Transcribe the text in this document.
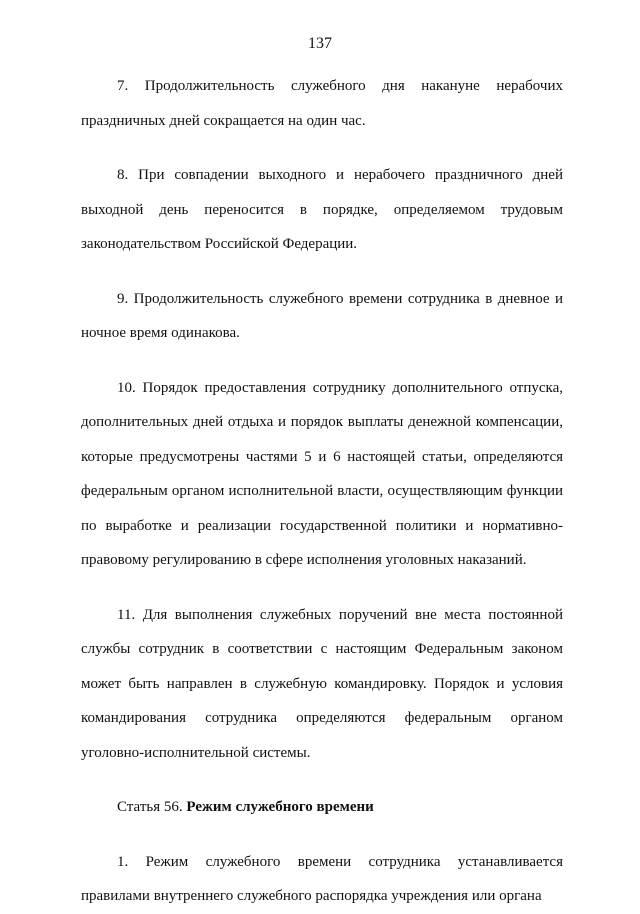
137

7. Продолжительность служебного дня накануне нерабочих праздничных дней сокращается на один час.

8. При совпадении выходного и нерабочего праздничного дней выходной день переносится в порядке, определяемом трудовым законодательством Российской Федерации.

9. Продолжительность служебного времени сотрудника в дневное и ночное время одинакова.

10. Порядок предоставления сотруднику дополнительного отпуска, дополнительных дней отдыха и порядок выплаты денежной компенсации, которые предусмотрены частями 5 и 6 настоящей статьи, определяются федеральным органом исполнительной власти, осуществляющим функции по выработке и реализации государственной политики и нормативно-правовому регулированию в сфере исполнения уголовных наказаний.

11. Для выполнения служебных поручений вне места постоянной службы сотрудник в соответствии с настоящим Федеральным законом может быть направлен в служебную командировку. Порядок и условия командирования сотрудника определяются федеральным органом уголовно-исполнительной системы.

Статья 56. Режим служебного времени

1. Режим служебного времени сотрудника устанавливается правилами внутреннего служебного распорядка учреждения или органа
